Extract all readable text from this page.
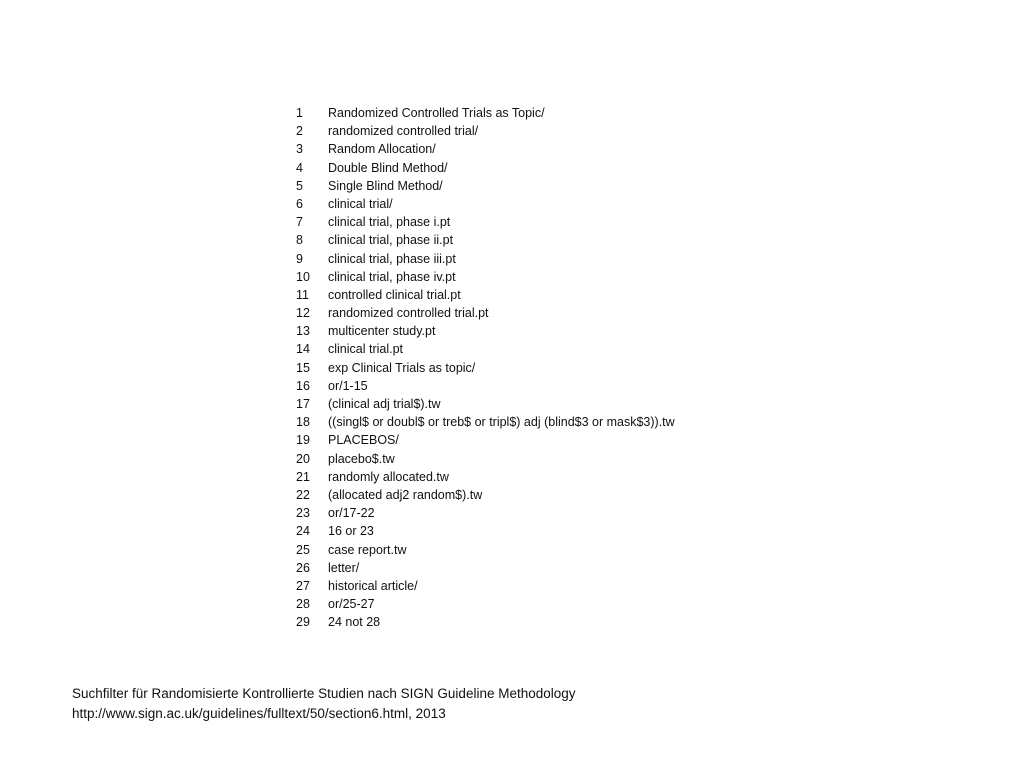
1	Randomized Controlled Trials as Topic/
2	randomized controlled trial/
3	Random Allocation/
4	Double Blind Method/
5	Single Blind Method/
6	clinical trial/
7	clinical trial, phase i.pt
8	clinical trial, phase ii.pt
9	clinical trial, phase iii.pt
10	clinical trial, phase iv.pt
11	controlled clinical trial.pt
12	randomized controlled trial.pt
13	multicenter study.pt
14	clinical trial.pt
15	exp Clinical Trials as topic/
16	or/1-15
17	(clinical adj trial$).tw
18	((singl$ or doubl$ or treb$ or tripl$) adj (blind$3 or mask$3)).tw
19	PLACEBOS/
20	placebo$.tw
21	randomly allocated.tw
22	(allocated adj2 random$).tw
23	or/17-22
24	16 or 23
25	case report.tw
26	letter/
27	historical article/
28	or/25-27
29	24 not 28
Suchfilter für Randomisierte Kontrollierte Studien nach SIGN Guideline Methodology
http://www.sign.ac.uk/guidelines/fulltext/50/section6.html, 2013
